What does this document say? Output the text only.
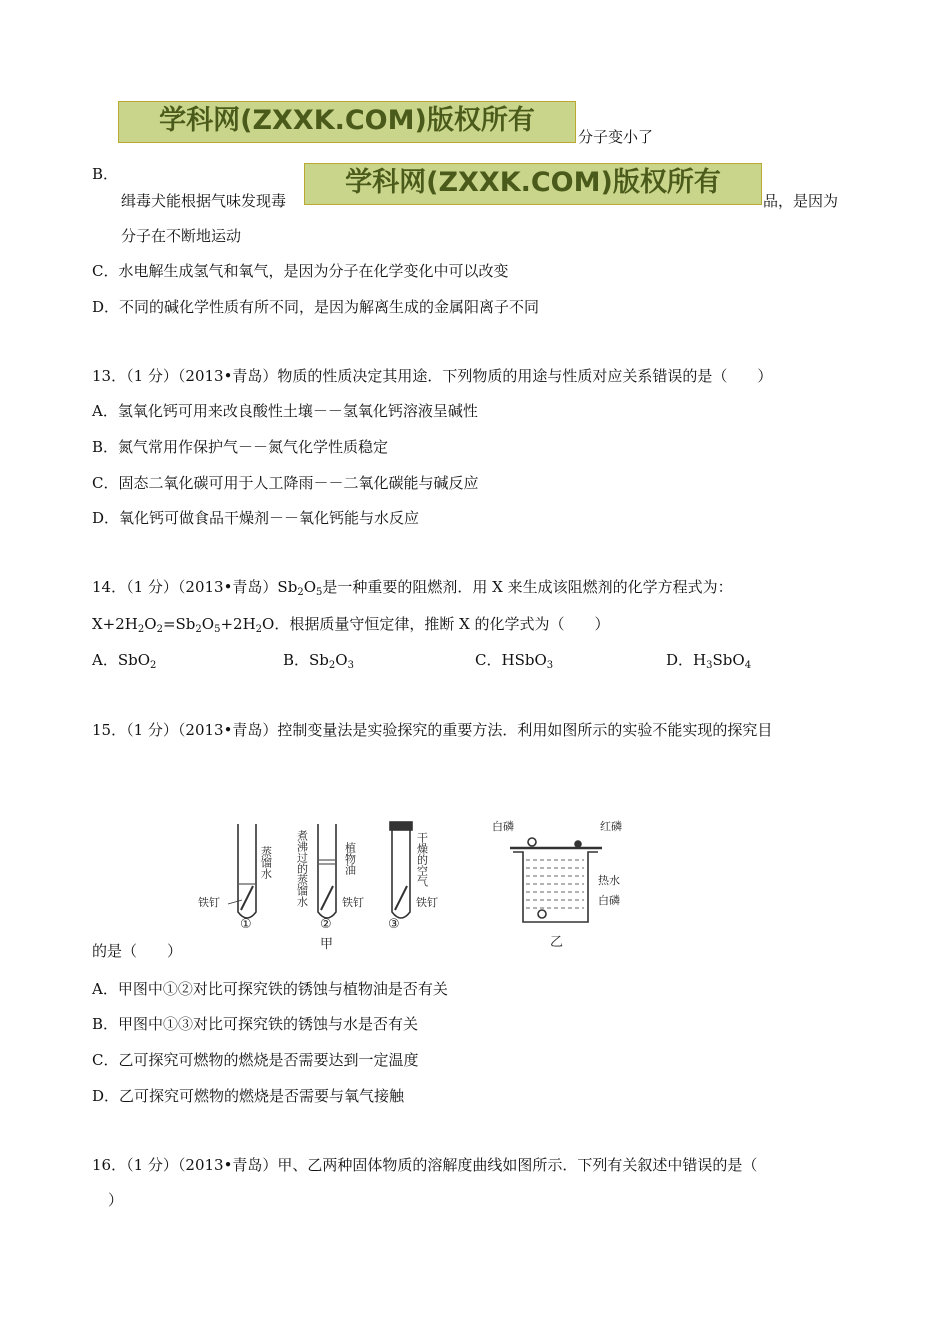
学科网(ZXXK.COM)版权所有
分子变小了
B．
缉毒犬能根据气味发现毒
学科网(ZXXK.COM)版权所有
品，是因为
分子在不断地运动
C．水电解生成氢气和氧气，是因为分子在化学变化中可以改变
D．不同的碱化学性质有所不同，是因为解离生成的金属阳离子不同
13．（1 分）（2013•青岛）物质的性质决定其用途．下列物质的用途与性质对应关系错误的是（　　）
A．氢氧化钙可用来改良酸性土壤－－氢氧化钙溶液呈碱性
B．氮气常用作保护气－－氮气化学性质稳定
C．固态二氧化碳可用于人工降雨－－二氧化碳能与碱反应
D．氧化钙可做食品干燥剂－－氧化钙能与水反应
14．（1 分）（2013•青岛）$Sb_2O_5$是一种重要的阻燃剂．用 X 来生成该阻燃剂的化学方程式为：
$X+2H_2O_2=Sb_2O_5+2H_2O$．根据质量守恒定律，推断 X 的化学式为（　　）
A．SbO$_2$	B．$Sb_2O_3$	C．HSbO$_3$	D．$H_3SbO_4$
15．（1 分）（2013•青岛）控制变量法是实验探究的重要方法．利用如图所示的实验不能实现的探究目
铁钉
①
铁钉
②
甲
铁钉
③
白磷	红磷
热水
白磷
乙
蒸馏水 煮沸过的蒸馏水	植物油	干燥的空气
的是（　　）
A．甲图中①②对比可探究铁的锈蚀与植物油是否有关
B．甲图中①③对比可探究铁的锈蚀与水是否有关
C．乙可探究可燃物的燃烧是否需要达到一定温度
D．乙可探究可燃物的燃烧是否需要与氧气接触
16．（1 分）（2013•青岛）甲、乙两种固体物质的溶解度曲线如图所示．下列有关叙述中错误的是（
）
